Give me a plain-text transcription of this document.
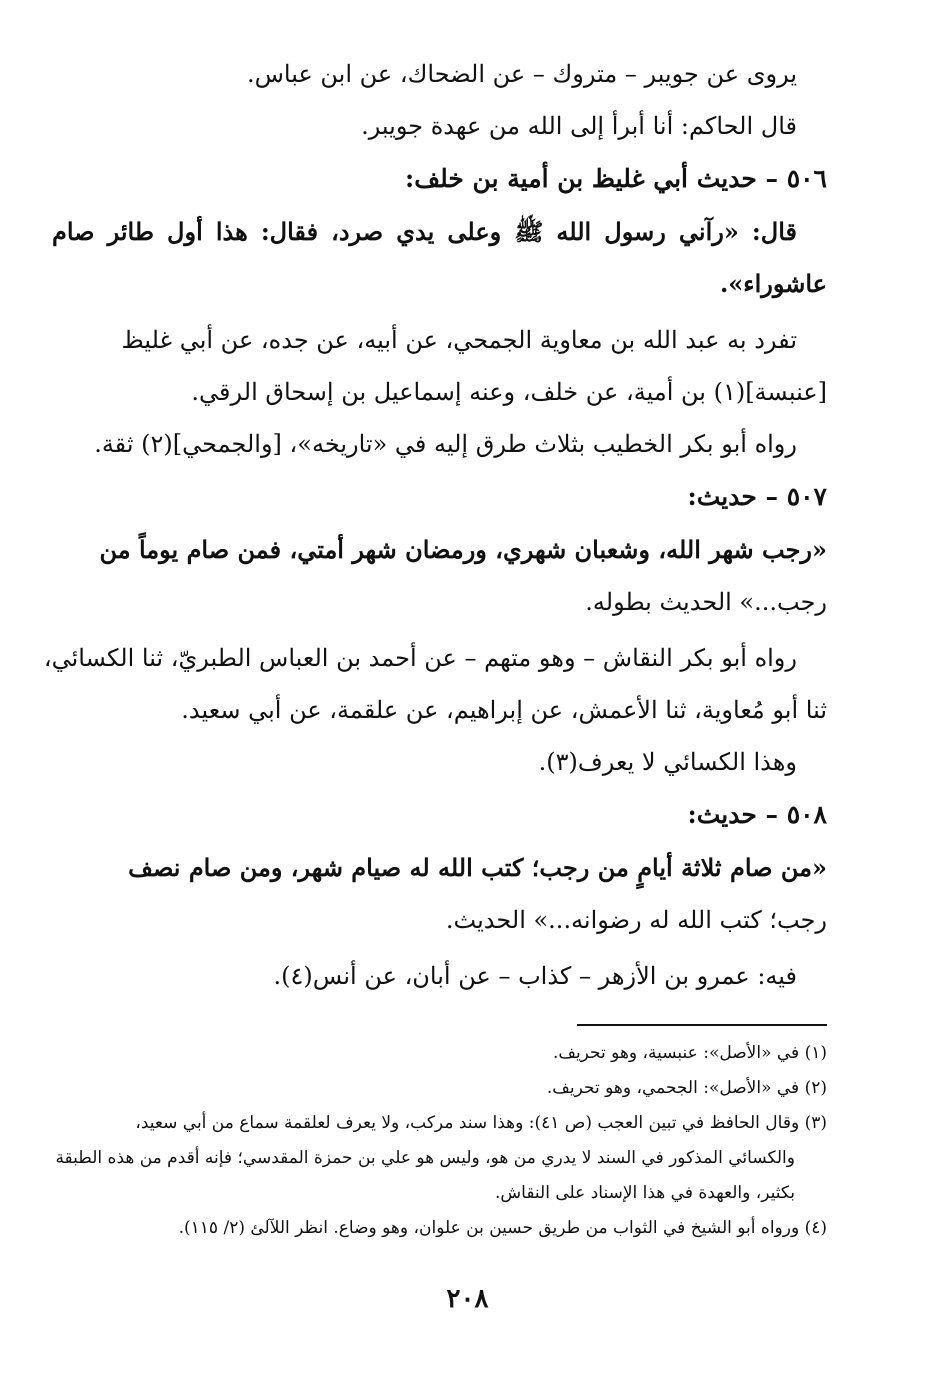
يروى عن جويبر – متروك – عن الضحاك، عن ابن عباس.
قال الحاكم: أنا أبرأ إلى الله من عهدة جويبر.
٥٠٦ – حديث أبي غليظ بن أمية بن خلف:
قال: «رآني رسول الله ﷺ وعلى يدي صرد، فقال: هذا أول طائر صام
عاشوراء».
تفرد به عبد الله بن معاوية الجمحي، عن أبيه، عن جده، عن أبي غليظ
[عنبسة](١) بن أمية، عن خلف، وعنه إسماعيل بن إسحاق الرقي.
رواه أبو بكر الخطيب بثلاث طرق إليه في «تاريخه»، [والجمحي](٢) ثقة.
٥٠٧ – حديث:
«رجب شهر الله، وشعبان شهري، ورمضان شهر أمتي، فمن صام يوماً من
رجب...» الحديث بطوله.
رواه أبو بكر النقاش – وهو متهم – عن أحمد بن العباس الطبريّ، ثنا الكسائي،
ثنا أبو مُعاوية، ثنا الأعمش، عن إبراهيم، عن علقمة، عن أبي سعيد.
وهذا الكسائي لا يعرف(٣).
٥٠٨ – حديث:
«من صام ثلاثة أيامٍ من رجب؛ كتب الله له صيام شهر، ومن صام نصف
رجب؛ كتب الله له رضوانه...» الحديث.
فيه: عمرو بن الأزهر – كذاب – عن أبان، عن أنس(٤).
(١) في «الأصل»: عنبسية، وهو تحريف.
(٢) في «الأصل»: الجحمي، وهو تحريف.
(٣) وقال الحافظ في تبين العجب (ص ٤١): وهذا سند مركب، ولا يعرف لعلقمة سماع من أبي سعيد،
والكسائي المذكور في السند لا يدري من هو، وليس هو علي بن حمزة المقدسي؛ فإنه أقدم من هذه الطبقة
بكثير، والعهدة في هذا الإسناد على النقاش.
(٤) ورواه أبو الشيخ في الثواب من طريق حسين بن علوان، وهو وضاع. انظر اللآلئ (٢/ ١١٥).
٢٠٨
